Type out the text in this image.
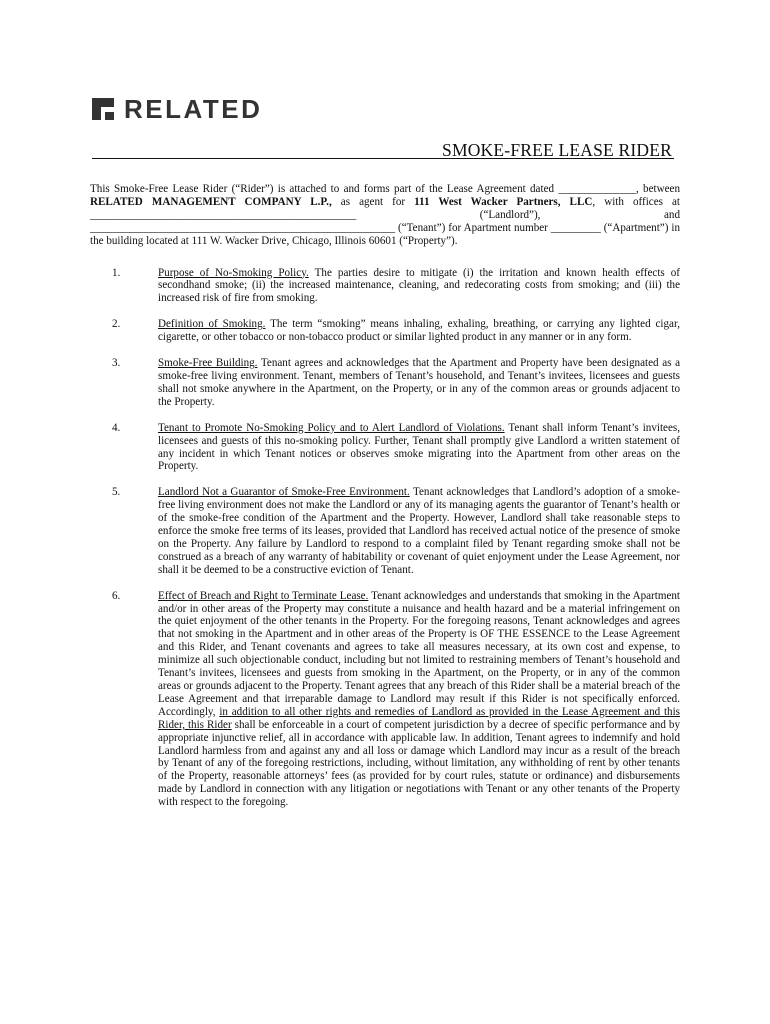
RELATED
SMOKE-FREE LEASE RIDER

This Smoke-Free Lease Rider (“Rider”) is attached to and forms part of the Lease Agreement dated ______________, between RELATED MANAGEMENT COMPANY L.P., as agent for 111 West Wacker Partners, LLC, with offices at ________________________________________________ (“Landlord”), and _______________________________________________________ (“Tenant”) for Apartment number _________ (“Apartment”) in the building located at 111 W. Wacker Drive, Chicago, Illinois 60601 (“Property”).

1.	Purpose of No-Smoking Policy. The parties desire to mitigate (i) the irritation and known health effects of secondhand smoke; (ii) the increased maintenance, cleaning, and redecorating costs from smoking; and (iii) the increased risk of fire from smoking.

2.	Definition of Smoking. The term “smoking” means inhaling, exhaling, breathing, or carrying any lighted cigar, cigarette, or other tobacco or non-tobacco product or similar lighted product in any manner or in any form.

3.	Smoke-Free Building. Tenant agrees and acknowledges that the Apartment and Property have been designated as a smoke-free living environment. Tenant, members of Tenant’s household, and Tenant’s invitees, licensees and guests shall not smoke anywhere in the Apartment, on the Property, or in any of the common areas or grounds adjacent to the Property.

4.	Tenant to Promote No-Smoking Policy and to Alert Landlord of Violations. Tenant shall inform Tenant’s invitees, licensees and guests of this no-smoking policy. Further, Tenant shall promptly give Landlord a written statement of any incident in which Tenant notices or observes smoke migrating into the Apartment from other areas on the Property.

5.	Landlord Not a Guarantor of Smoke-Free Environment. Tenant acknowledges that Landlord’s adoption of a smoke-free living environment does not make the Landlord or any of its managing agents the guarantor of Tenant’s health or of the smoke-free condition of the Apartment and the Property. However, Landlord shall take reasonable steps to enforce the smoke free terms of its leases, provided that Landlord has received actual notice of the presence of smoke on the Property. Any failure by Landlord to respond to a complaint filed by Tenant regarding smoke shall not be construed as a breach of any warranty of habitability or covenant of quiet enjoyment under the Lease Agreement, nor shall it be deemed to be a constructive eviction of Tenant.

6.	Effect of Breach and Right to Terminate Lease. Tenant acknowledges and understands that smoking in the Apartment and/or in other areas of the Property may constitute a nuisance and health hazard and be a material infringement on the quiet enjoyment of the other tenants in the Property. For the foregoing reasons, Tenant acknowledges and agrees that not smoking in the Apartment and in other areas of the Property is OF THE ESSENCE to the Lease Agreement and this Rider, and Tenant covenants and agrees to take all measures necessary, at its own cost and expense, to minimize all such objectionable conduct, including but not limited to restraining members of Tenant’s household and Tenant’s invitees, licensees and guests from smoking in the Apartment, on the Property, or in any of the common areas or grounds adjacent to the Property. Tenant agrees that any breach of this Rider shall be a material breach of the Lease Agreement and that irreparable damage to Landlord may result if this Rider is not specifically enforced. Accordingly, in addition to all other rights and remedies of Landlord as provided in the Lease Agreement and this Rider, this Rider shall be enforceable in a court of competent jurisdiction by a decree of specific performance and by appropriate injunctive relief, all in accordance with applicable law. In addition, Tenant agrees to indemnify and hold Landlord harmless from and against any and all loss or damage which Landlord may incur as a result of the breach by Tenant of any of the foregoing restrictions, including, without limitation, any withholding of rent by other tenants of the Property, reasonable attorneys’ fees (as provided for by court rules, statute or ordinance) and disbursements made by Landlord in connection with any litigation or negotiations with Tenant or any other tenants of the Property with respect to the foregoing.
